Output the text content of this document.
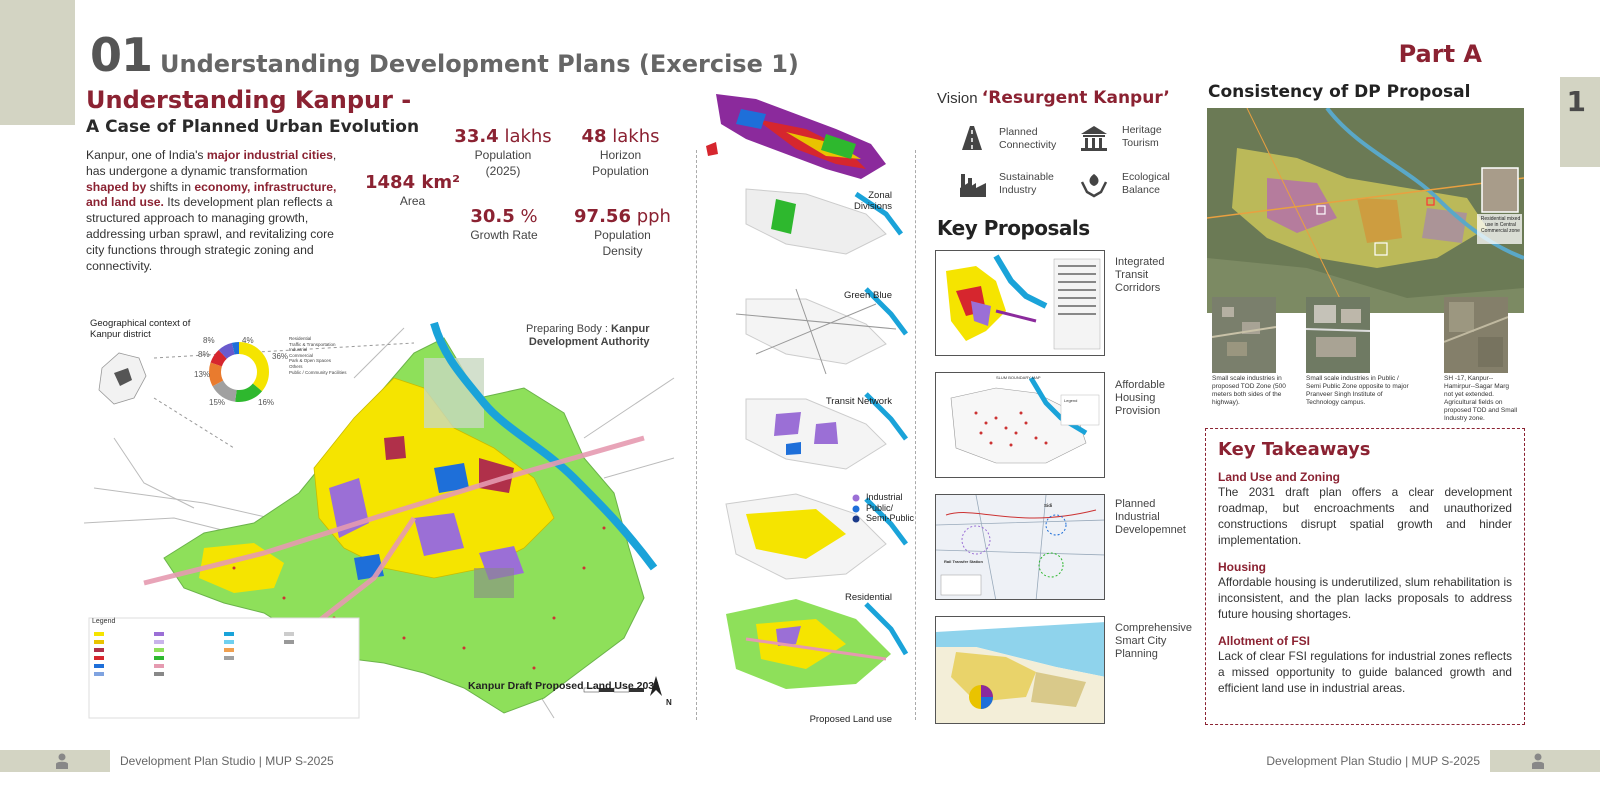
1
01 Understanding Development Plans (Exercise 1)	Part A
Understanding Kanpur -
A Case of Planned Urban Evolution
Kanpur, one of India's major industrial cities, has undergone a dynamic transformation shaped by shifts in economy, infrastructure, and land use. Its development plan reflects a structured approach to managing growth, addressing urban sprawl, and revitalizing core city functions through strategic zoning and connectivity.
33.4 lakhs
Population
(2025)
48 lakhs
Horizon
Population
1484 km²
Area
30.5 %
Growth Rate
97.56 pph
Population
Density
Geographical context of
Kanpur district
Legend
8%	4%
8%
13%
15%	16%
36%
Residential
Traffic & Transportation
Industrial
Commercial
Park & Open Spaces
Others
Public / Community Facilities
Preparing Body : Kanpur
Development Authority
Kanpur Draft Proposed Land Use 2031
N
Zonal Divisions
Green Blue
Transit Network
Residential
Proposed Land use
Industrial
Public/
Semi-Public
Vision ‘Resurgent Kanpur’
Planned
Connectivity
Heritage
Tourism
Sustainable
Industry
Ecological
Balance
Key Proposals
Integrated
Transit
Corridors
SLUM BOUNDARY MAP
Legend
Affordable
Housing
Provision
Rail Transfer Station
Sidi	Planned
Industrial
Developemnet
Comprehensive
Smart City
Planning
Consistency of DP Proposal
Residential mixed use in Central Commercial zone
Small scale industries in proposed TOD Zone (500 meters both sides of the highway).
Small scale industries in Public / Semi Public Zone opposite to major Pranveer Singh Institute of Technology campus.
SH -17, Kanpur--Hamirpur--Sagar Marg not yet extended. Agricultural fields on proposed TOD and Small Industry zone.
Key Takeaways
Land Use and Zoning
The 2031 draft plan offers a clear development roadmap, but encroachments and unauthorized constructions disrupt spatial growth and hinder implementation.
Housing
Affordable housing is underutilized, slum rehabilitation is inconsistent, and the plan lacks proposals to address future housing shortages.
Allotment of FSI
Lack of clear FSI regulations for industrial zones reflects a missed opportunity to guide balanced growth and efficient land use in industrial areas.
Development Plan Studio | MUP S-2025	Development Plan Studio | MUP S-2025
